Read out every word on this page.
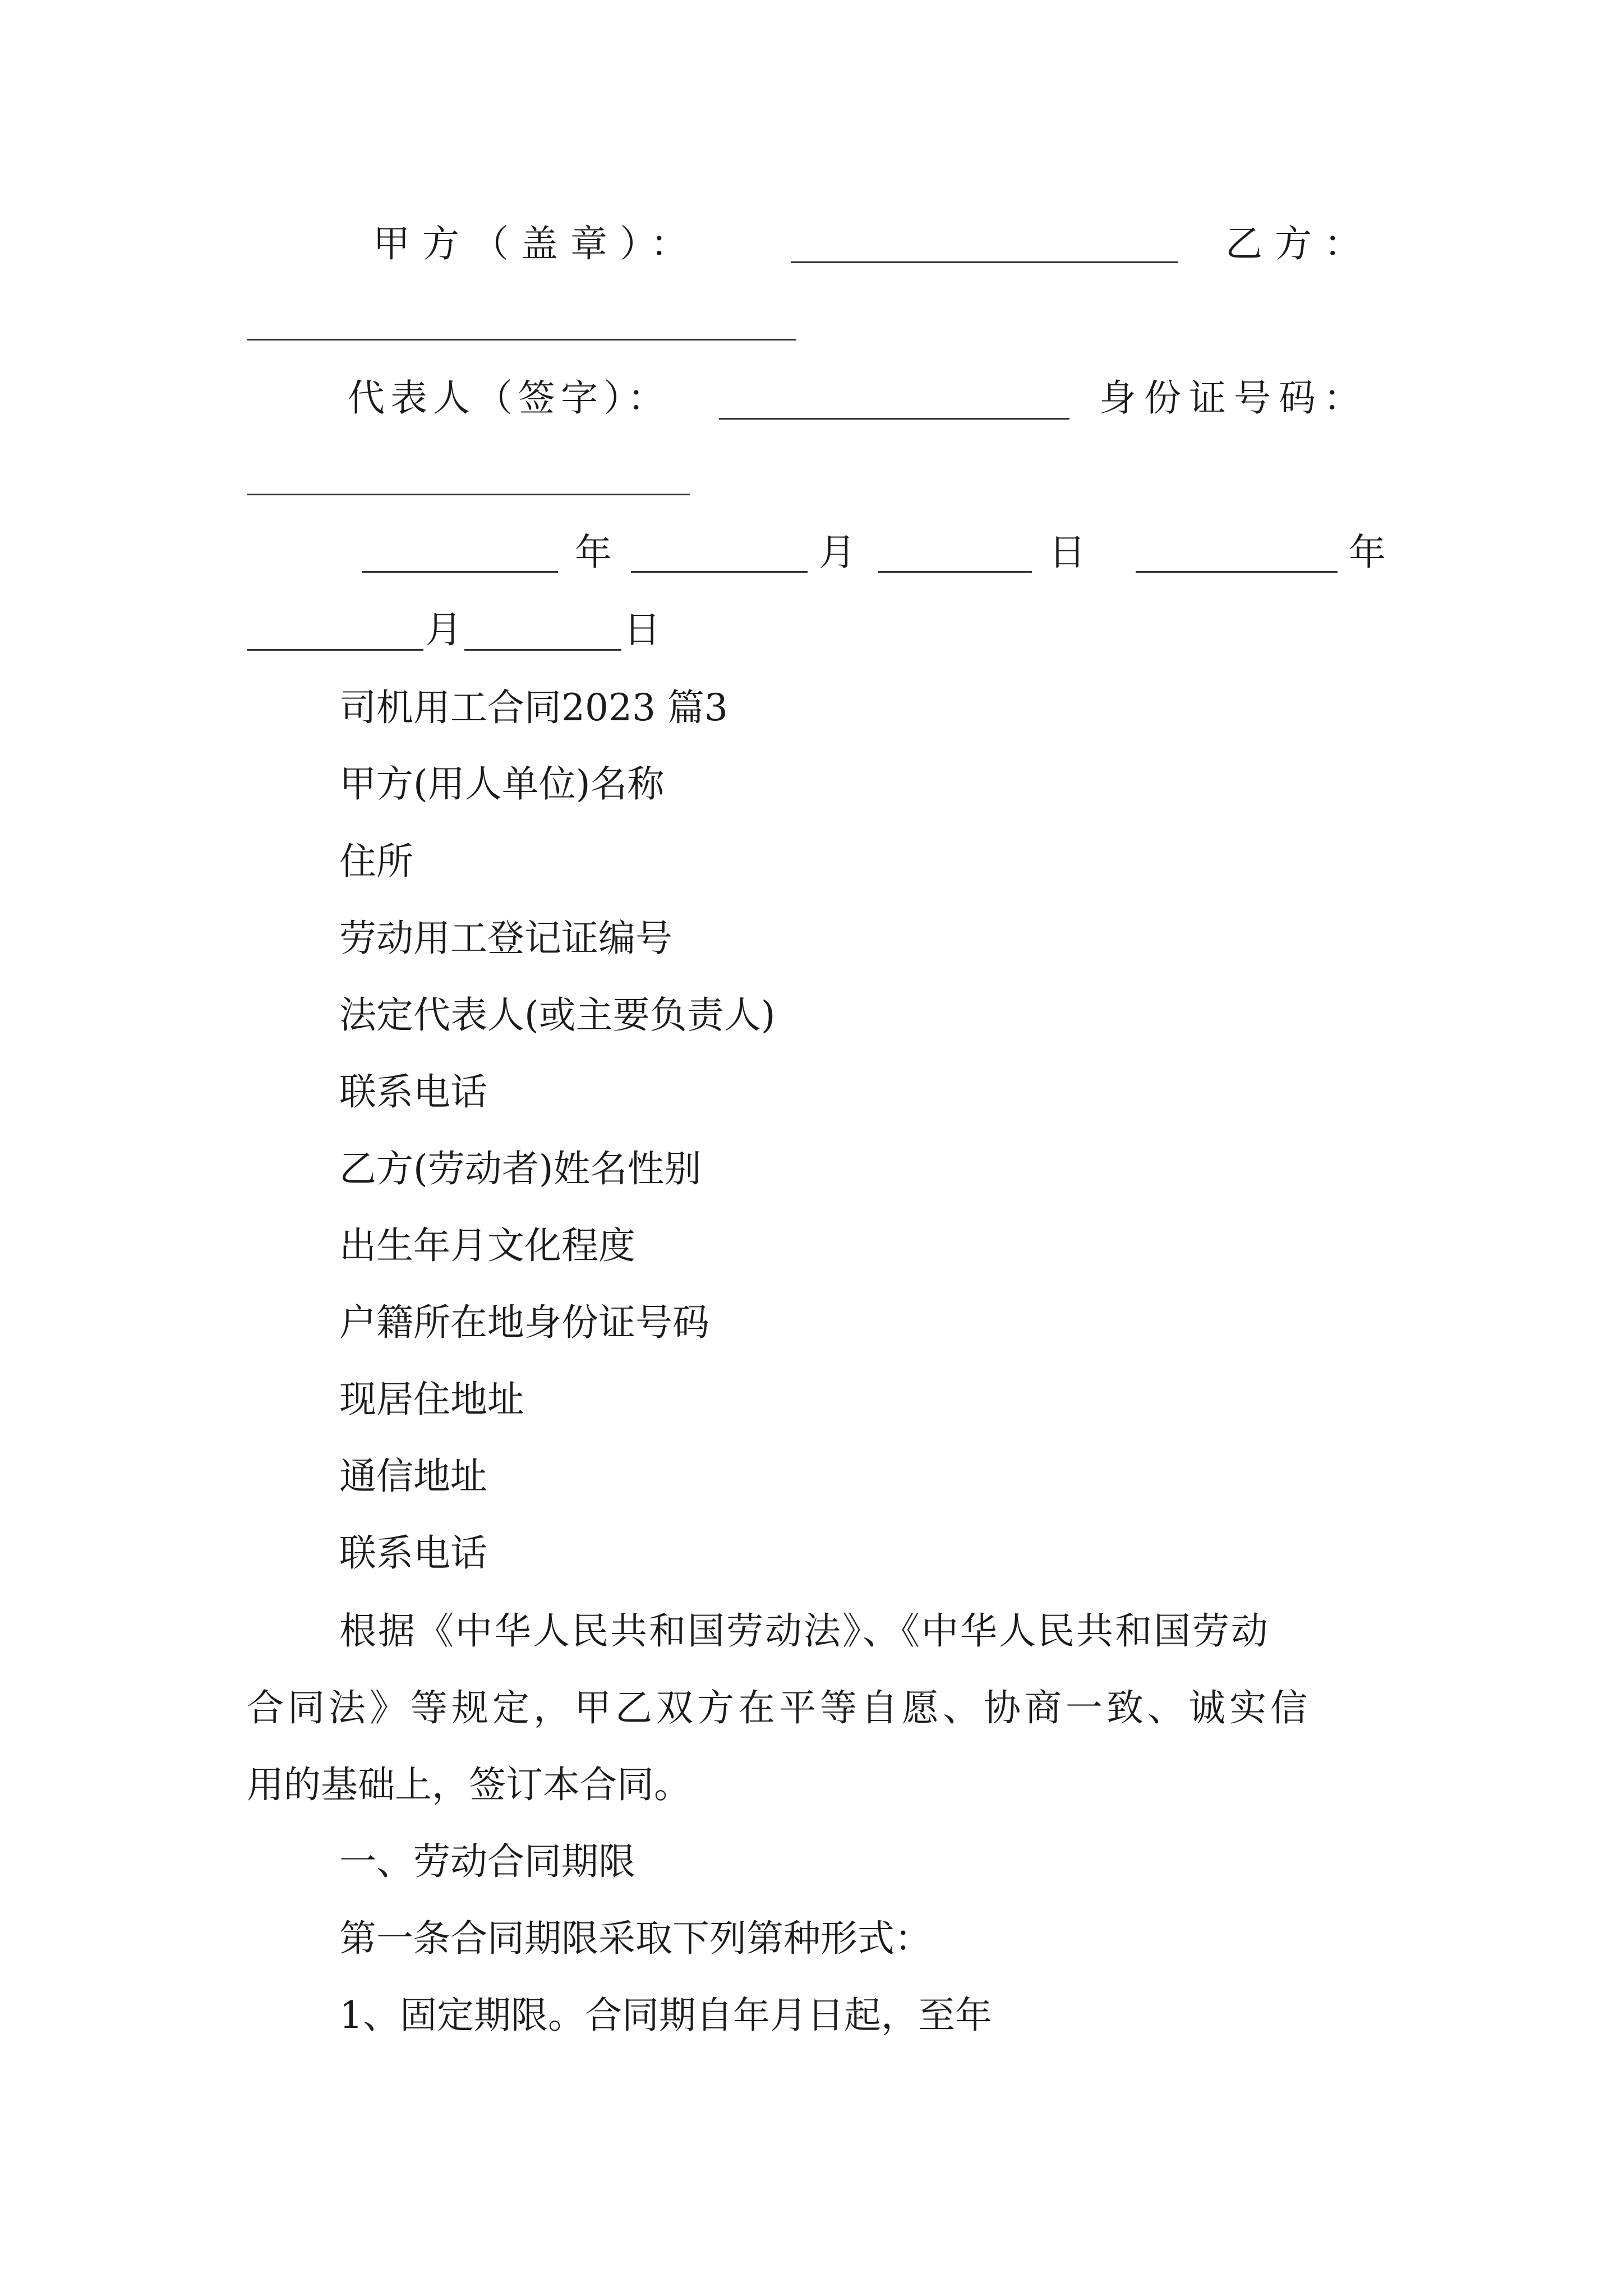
甲方（盖章）：	乙方：
代表人（签字）：	身份证号码：
年	月	日	年
月	日
司机用工合同2023 篇3
甲方(用人单位)名称
住所
劳动用工登记证编号
法定代表人(或主要负责人)
联系电话
乙方(劳动者)姓名性别
出生年月文化程度
户籍所在地身份证号码
现居住地址
通信地址
联系电话
根据《中华人民共和国劳动法》、《中华人民共和国劳动
合同法》等规定，甲乙双方在平等自愿、协商一致、诚实信
用的基础上，签订本合同。
一、劳动合同期限
第一条合同期限采取下列第种形式：
1、固定期限。合同期自年月日起，至年
